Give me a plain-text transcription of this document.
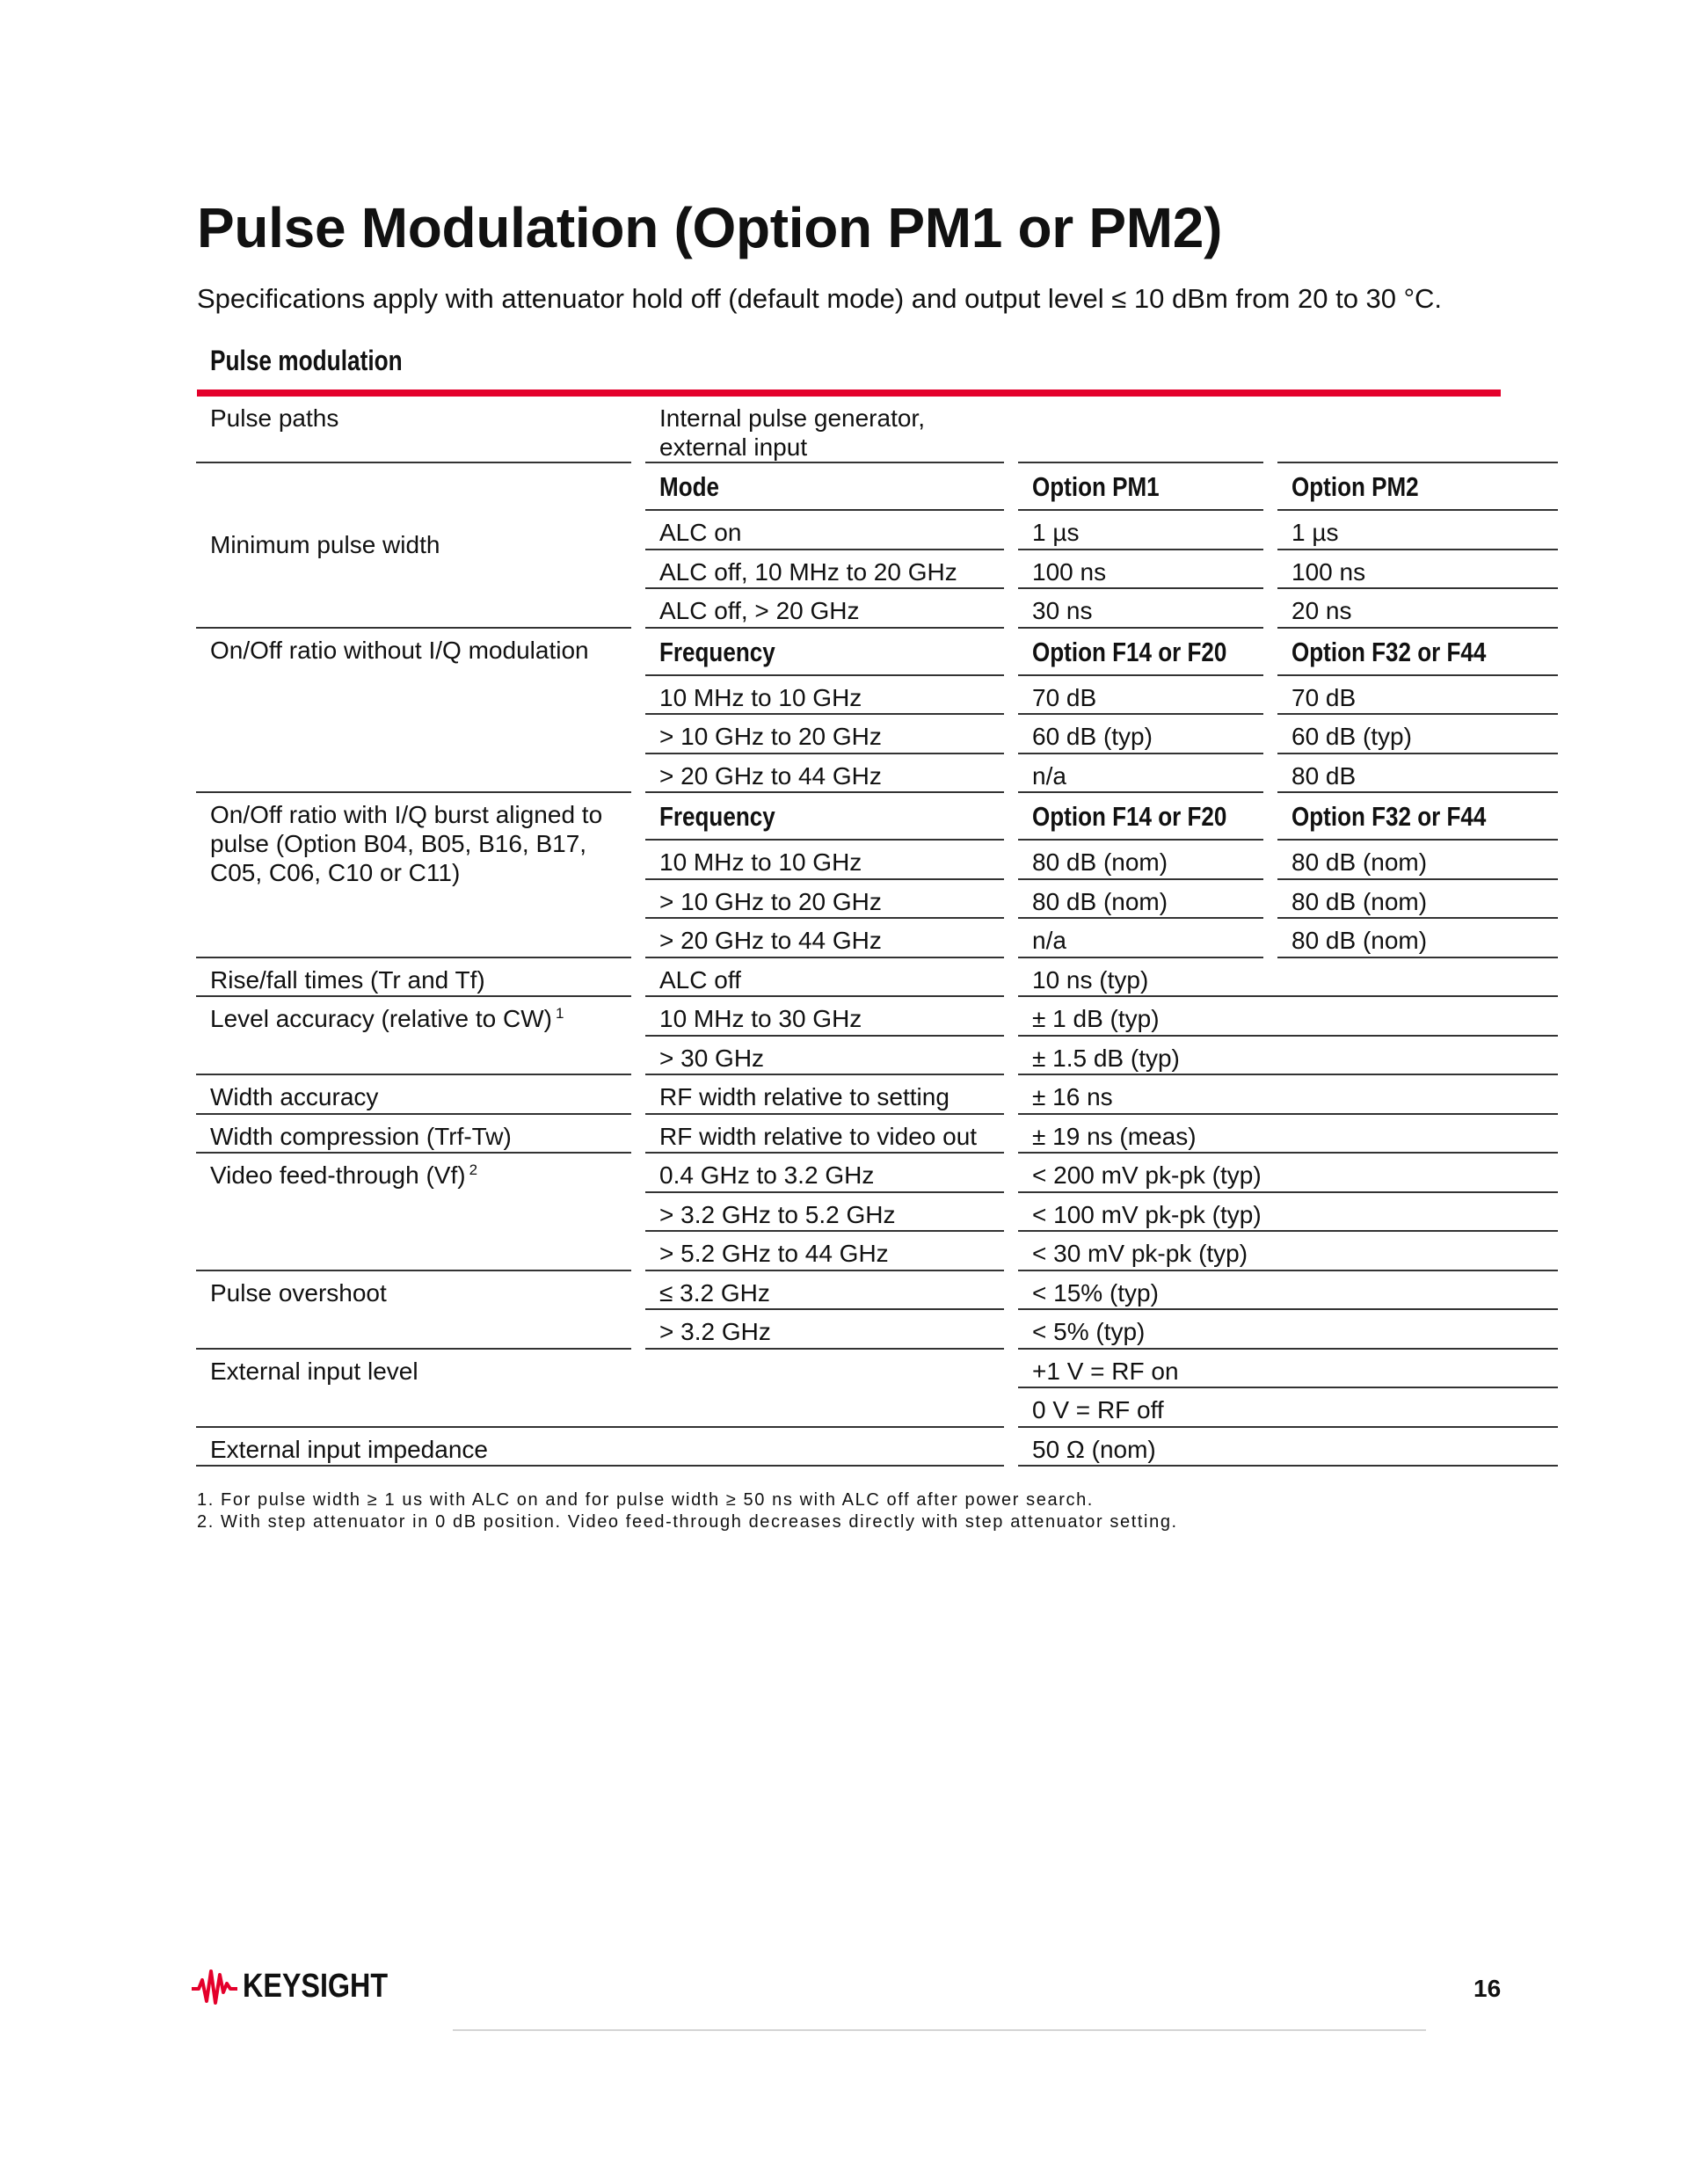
Pulse Modulation (Option PM1 or PM2)

Specifications apply with attenuator hold off (default mode) and output level ≤ 10 dBm from 20 to 30 °C.

Pulse modulation
Pulse paths	Internal pulse generator, external input		
Minimum pulse width	Mode	Option PM1	Option PM2
	ALC on	1 µs	1 µs
	ALC off, 10 MHz to 20 GHz	100 ns	100 ns
	ALC off, > 20 GHz	30 ns	20 ns
On/Off ratio without I/Q modulation	Frequency	Option F14 or F20	Option F32 or F44
	10 MHz to 10 GHz	70 dB	70 dB
	> 10 GHz to 20 GHz	60 dB (typ)	60 dB (typ)
	> 20 GHz to 44 GHz	n/a	80 dB
On/Off ratio with I/Q burst aligned to pulse (Option B04, B05, B16, B17, C05, C06, C10 or C11)	Frequency	Option F14 or F20	Option F32 or F44
	10 MHz to 10 GHz	80 dB (nom)	80 dB (nom)
	> 10 GHz to 20 GHz	80 dB (nom)	80 dB (nom)
	> 20 GHz to 44 GHz	n/a	80 dB (nom)
Rise/fall times (Tr and Tf)	ALC off	10 ns (typ)	
Level accuracy (relative to CW) $^1$	10 MHz to 30 GHz	± 1 dB (typ)	
	> 30 GHz	± 1.5 dB (typ)	
Width accuracy	RF width relative to setting	± 16 ns	
Width compression (Trf-Tw)	RF width relative to video out	± 19 ns (meas)	
Video feed-through (Vf) $^2$	0.4 GHz to 3.2 GHz	< 200 mV pk-pk (typ)	
	> 3.2 GHz to 5.2 GHz	< 100 mV pk-pk (typ)	
	> 5.2 GHz to 44 GHz	< 30 mV pk-pk (typ)	
Pulse overshoot	≤ 3.2 GHz	< 15% (typ)	
	> 3.2 GHz	< 5% (typ)	
External input level		+1 V = RF on	
		0 V = RF off	
External input impedance		50 Ω (nom)	
1. For pulse width ≥ 1 us with ALC on and for pulse width ≥ 50 ns with ALC off after power search.
2. With step attenuator in 0 dB position. Video feed-through decreases directly with step attenuator setting.
KEYSIGHT	16
